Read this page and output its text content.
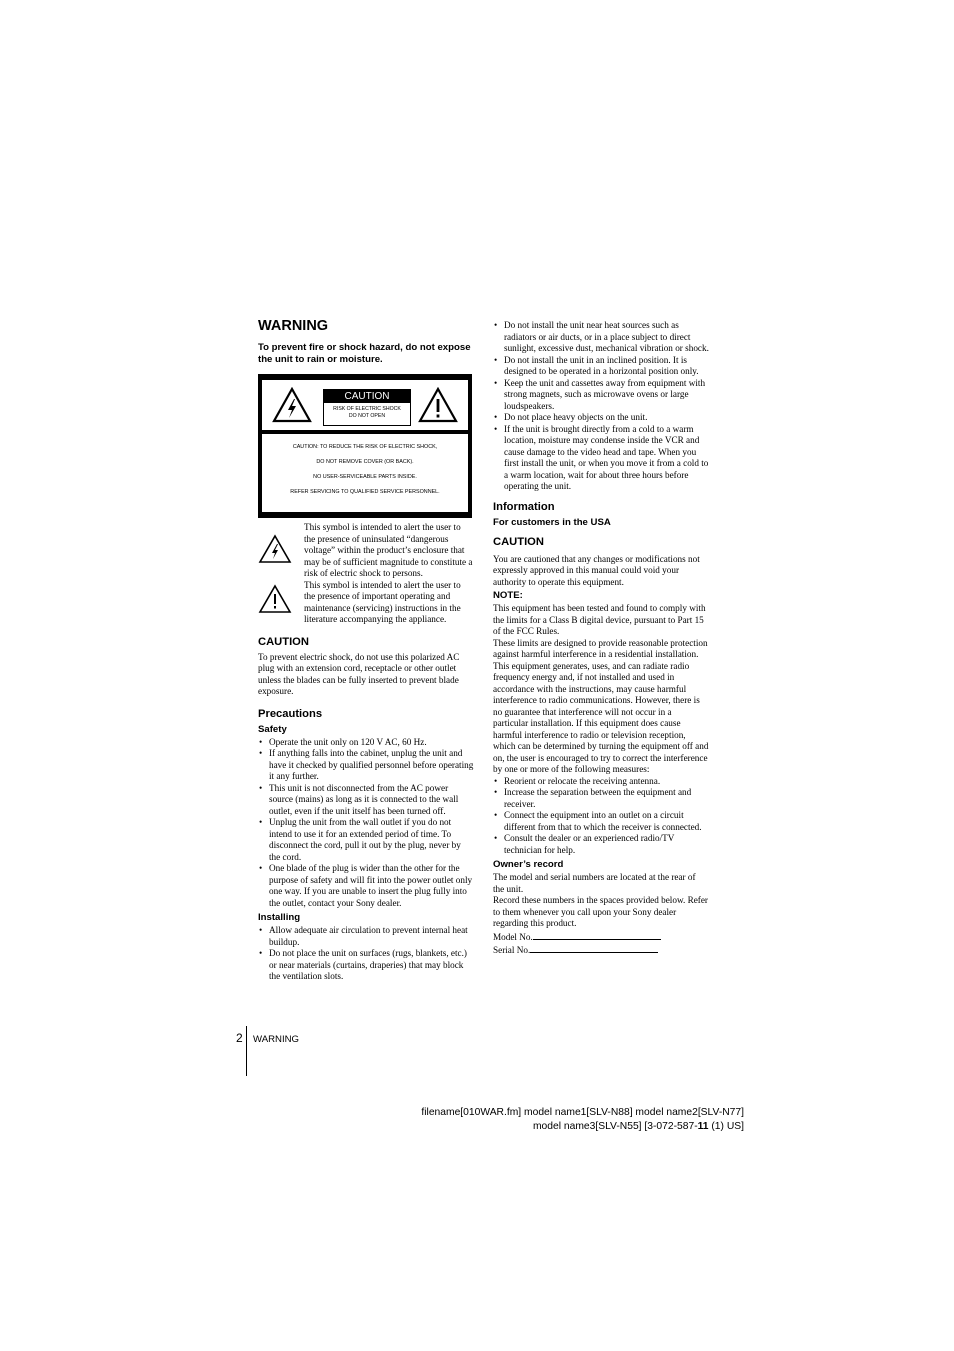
WARNING

To prevent fire or shock hazard, do not expose the unit to rain or moisture.

CAUTION
RISK OF ELECTRIC SHOCK
DO NOT OPEN
CAUTION: TO REDUCE THE RISK OF ELECTRIC SHOCK,
DO NOT REMOVE COVER (OR BACK).
NO USER-SERVICEABLE PARTS INSIDE.
REFER SERVICING TO QUALIFIED SERVICE PERSONNEL.

This symbol is intended to alert the user to the presence of uninsulated “dangerous voltage” within the product’s enclosure that may be of sufficient magnitude to constitute a risk of electric shock to persons.

This symbol is intended to alert the user to the presence of important operating and maintenance (servicing) instructions in the literature accompanying the appliance.

CAUTION

To prevent electric shock, do not use this polarized AC plug with an extension cord, receptacle or other outlet unless the blades can be fully inserted to prevent blade exposure.

Precautions
Safety
• Operate the unit only on 120 V AC, 60 Hz.
• If anything falls into the cabinet, unplug the unit and have it checked by qualified personnel before operating it any further.
• This unit is not disconnected from the AC power source (mains) as long as it is connected to the wall outlet, even if the unit itself has been turned off.
• Unplug the unit from the wall outlet if you do not intend to use it for an extended period of time. To disconnect the cord, pull it out by the plug, never by the cord.
• One blade of the plug is wider than the other for the purpose of safety and will fit into the power outlet only one way. If you are unable to insert the plug fully into the outlet, contact your Sony dealer.
Installing
• Allow adequate air circulation to prevent internal heat buildup.
• Do not place the unit on surfaces (rugs, blankets, etc.) or near materials (curtains, draperies) that may block the ventilation slots.
• Do not install the unit near heat sources such as radiators or air ducts, or in a place subject to direct sunlight, excessive dust, mechanical vibration or shock.
• Do not install the unit in an inclined position. It is designed to be operated in a horizontal position only.
• Keep the unit and cassettes away from equipment with strong magnets, such as microwave ovens or large loudspeakers.
• Do not place heavy objects on the unit.
• If the unit is brought directly from a cold to a warm location, moisture may condense inside the VCR and cause damage to the video head and tape. When you first install the unit, or when you move it from a cold to a warm location, wait for about three hours before operating the unit.
Information
For customers in the USA
CAUTION

You are cautioned that any changes or modifications not expressly approved in this manual could void your authority to operate this equipment.

NOTE:

This equipment has been tested and found to comply with the limits for a Class B digital device, pursuant to Part 15 of the FCC Rules.

These limits are designed to provide reasonable protection against harmful interference in a residential installation.

This equipment generates, uses, and can radiate radio frequency energy and, if not installed and used in accordance with the instructions, may cause harmful interference to radio communications. However, there is no guarantee that interference will not occur in a particular installation. If this equipment does cause harmful interference to radio or television reception, which can be determined by turning the equipment off and on, the user is encouraged to try to correct the interference by one or more of the following measures:

• Reorient or relocate the receiving antenna.
• Increase the separation between the equipment and receiver.
• Connect the equipment into an outlet on a circuit different from that to which the receiver is connected.
• Consult the dealer or an experienced radio/TV technician for help.
Owner’s record

The model and serial numbers are located at the rear of the unit.

Record these numbers in the spaces provided below. Refer to them whenever you call upon your Sony dealer regarding this product.

Model No.

Serial No.

2 WARNING
filename[010WAR.fm] model name1[SLV-N88] model name2[SLV-N77]
model name3[SLV-N55] [3-072-587-11 (1) US]
